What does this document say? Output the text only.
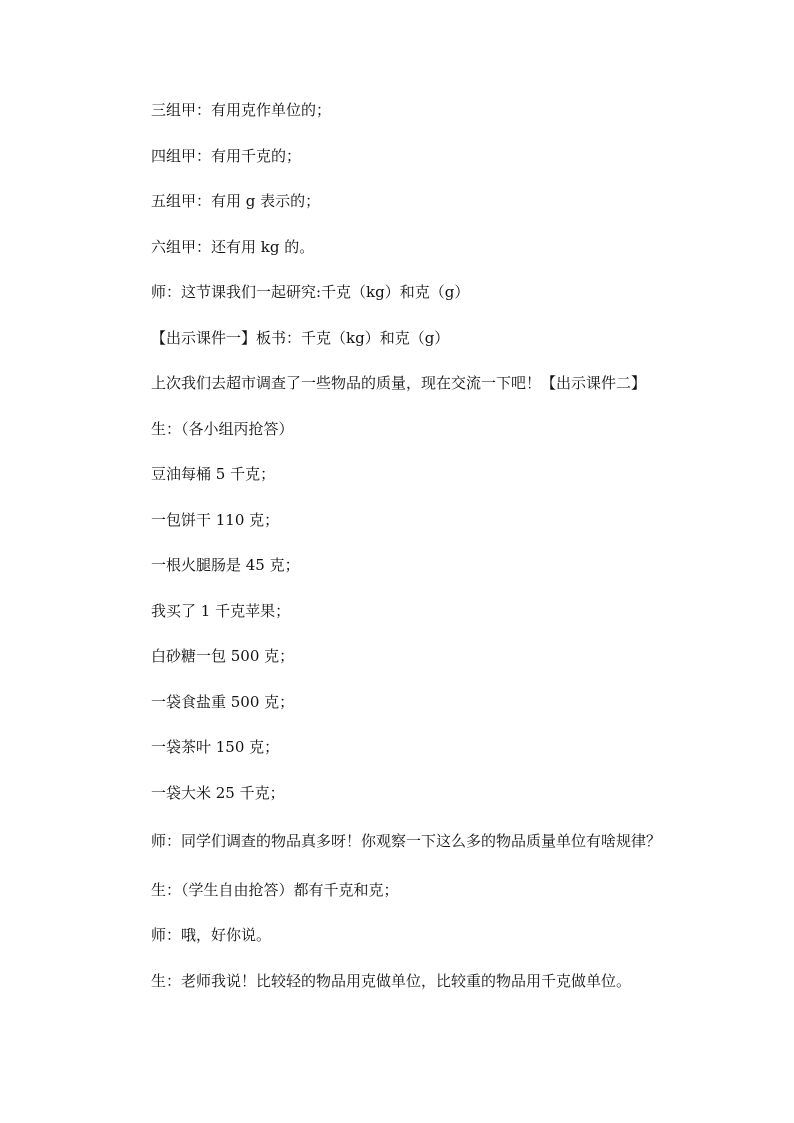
三组甲：有用克作单位的；

四组甲：有用千克的；

五组甲：有用 g 表示的；

六组甲：还有用 kg 的。

师：这节课我们一起研究:千克（kg）和克（g）

【出示课件一】板书：千克（kg）和克（g）

上次我们去超市调查了一些物品的质量，现在交流一下吧！【出示课件二】

生：（各小组丙抢答）

豆油每桶 5 千克；

一包饼干 110 克；

一根火腿肠是 45 克；

我买了 1 千克苹果；

白砂糖一包 500 克；

一袋食盐重 500 克；

一袋茶叶 150 克；

一袋大米 25 千克；

师：同学们调查的物品真多呀！你观察一下这么多的物品质量单位有啥规律？

生：（学生自由抢答）都有千克和克；

师：哦，好你说。

生：老师我说！比较轻的物品用克做单位，比较重的物品用千克做单位。
